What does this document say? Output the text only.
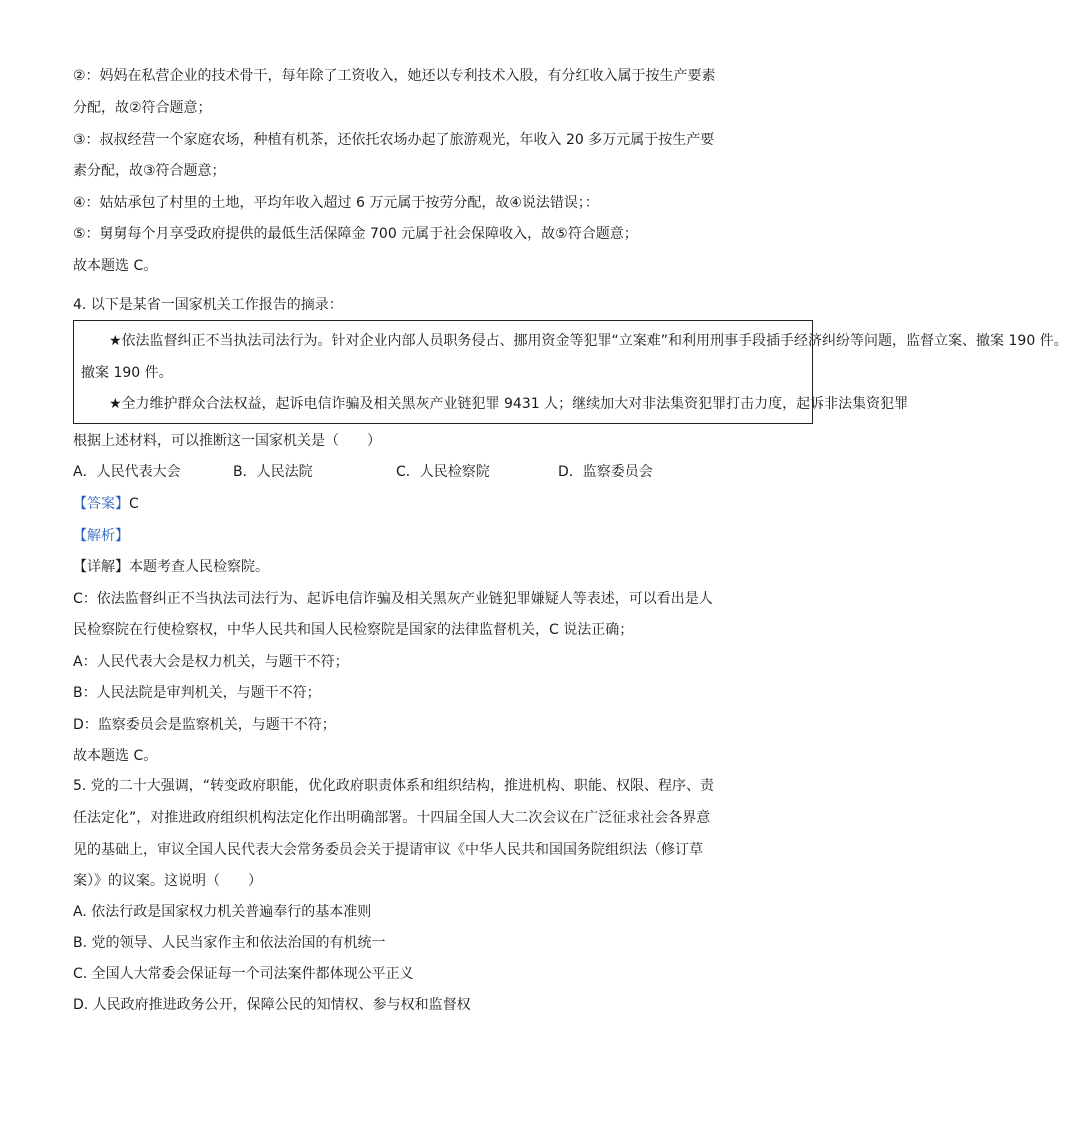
②：妈妈在私营企业的技术骨干，每年除了工资收入，她还以专利技术入股，有分红收入属于按生产要素
分配，故②符合题意；
③：叔叔经营一个家庭农场，种植有机茶，还依托农场办起了旅游观光，年收入 20 多万元属于按生产要
素分配，故③符合题意；
④：姑姑承包了村里的土地，平均年收入超过 6 万元属于按劳分配，故④说法错误；：
⑤：舅舅每个月享受政府提供的最低生活保障金 700 元属于社会保障收入，故⑤符合题意；
故本题选 C。
4. 以下是某省一国家机关工作报告的摘录：
★依法监督纠正不当执法司法行为。针对企业内部人员职务侵占、挪用资金等犯罪“立案难”和利用刑事手段插手经济纠纷等问题，监督立案、撤案 190 件。
撤案 190 件。
★全力维护群众合法权益，起诉电信诈骗及相关黑灰产业链犯罪 9431 人；继续加大对非法集资犯罪打击力度，起诉非法集资犯罪
根据上述材料，可以推断这一国家机关是（　　）
A．人民代表大会	B．人民法院	C．人民检察院	D．监察委员会
【答案】C
【解析】
【详解】本题考查人民检察院。
C：依法监督纠正不当执法司法行为、起诉电信诈骗及相关黑灰产业链犯罪嫌疑人等表述，可以看出是人
民检察院在行使检察权，中华人民共和国人民检察院是国家的法律监督机关，C 说法正确；
A：人民代表大会是权力机关，与题干不符；
B：人民法院是审判机关，与题干不符；
D：监察委员会是监察机关，与题干不符；
故本题选 C。
5. 党的二十大强调，“转变政府职能，优化政府职责体系和组织结构，推进机构、职能、权限、程序、责
任法定化”，对推进政府组织机构法定化作出明确部署。十四届全国人大二次会议在广泛征求社会各界意
见的基础上，审议全国人民代表大会常务委员会关于提请审议《中华人民共和国国务院组织法（修订草
案）》的议案。这说明（　　）
A. 依法行政是国家权力机关普遍奉行的基本准则
B. 党的领导、人民当家作主和依法治国的有机统一
C. 全国人大常委会保证每一个司法案件都体现公平正义
D. 人民政府推进政务公开，保障公民的知情权、参与权和监督权
